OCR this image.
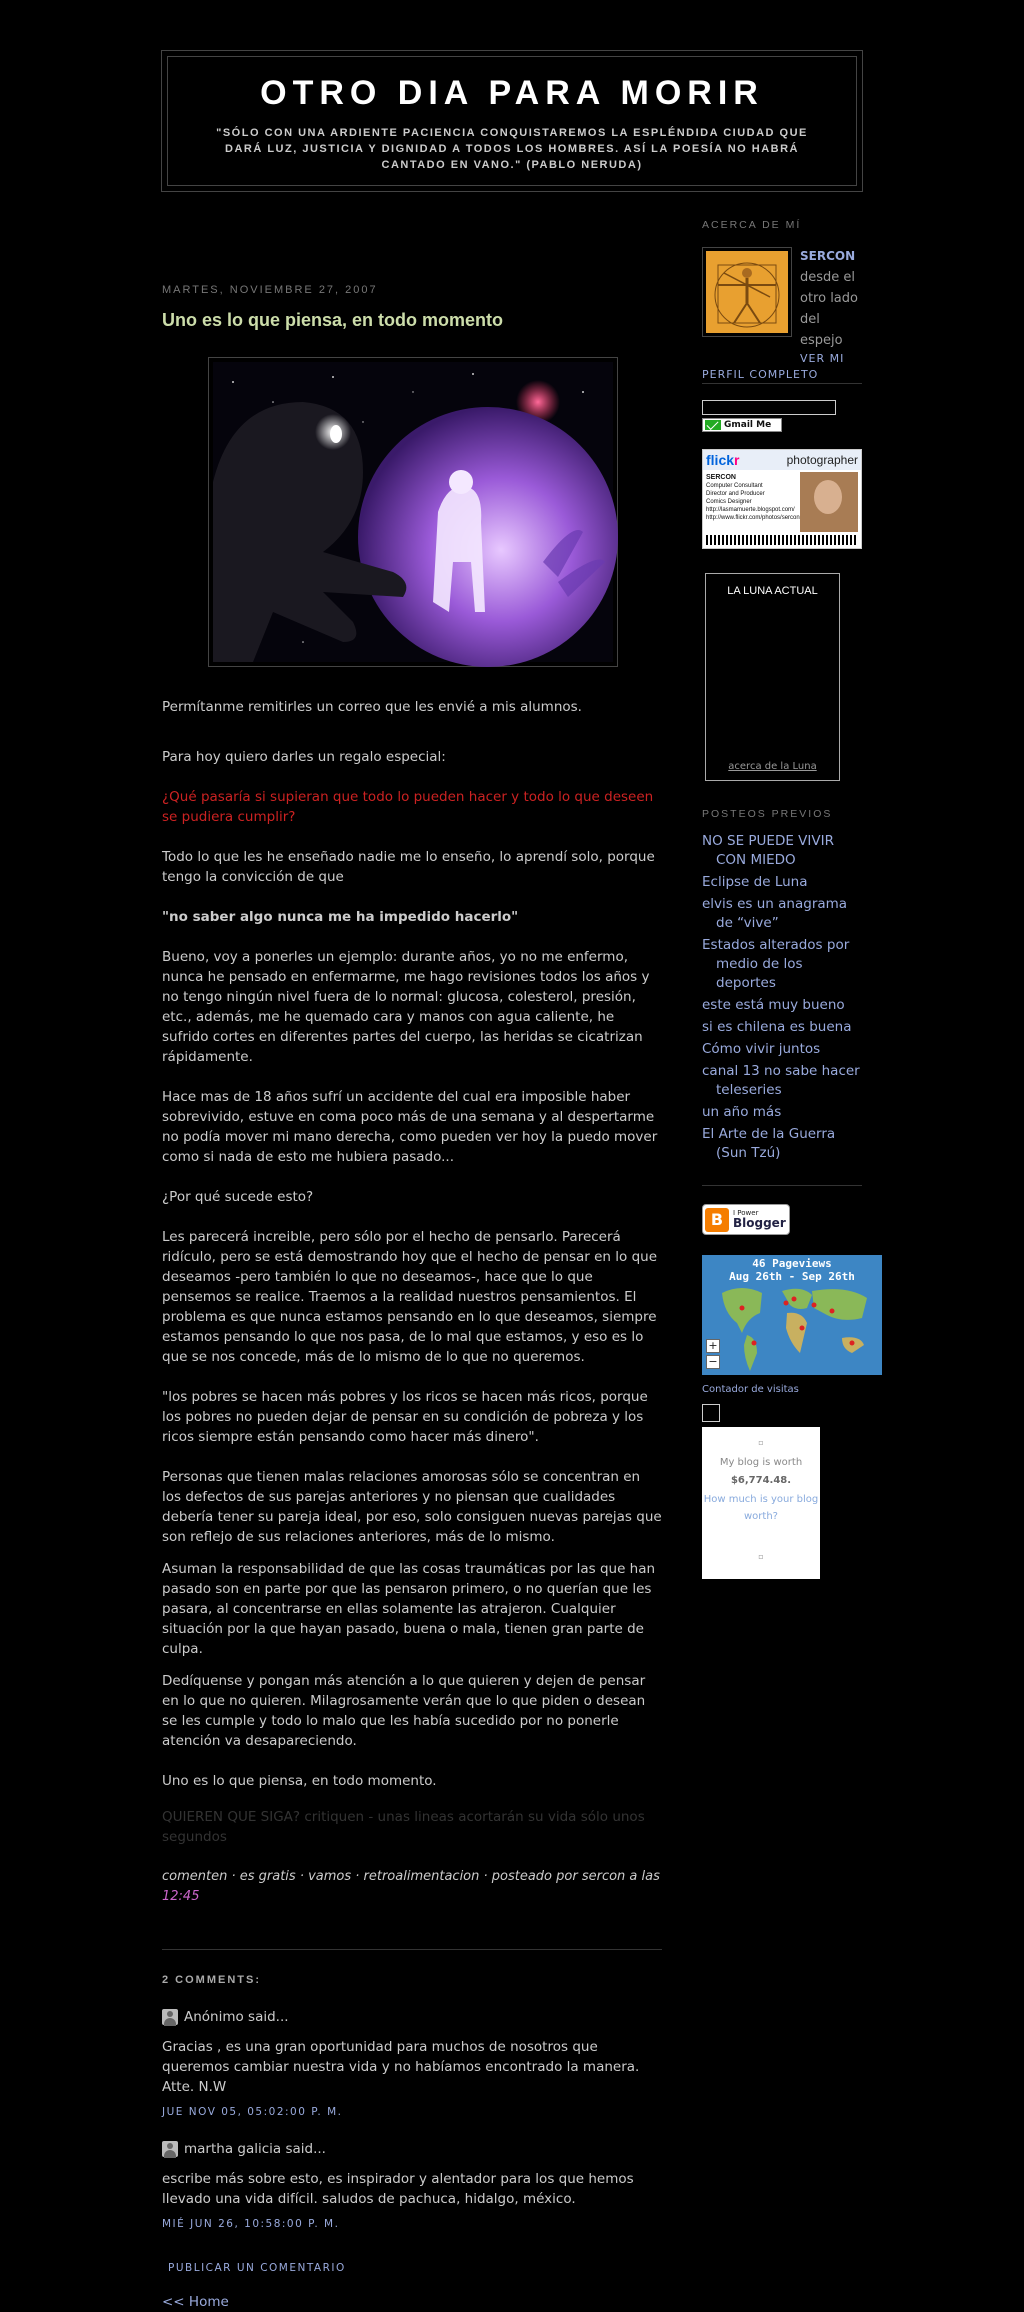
OTRO DIA PARA MORIR

"SÓLO CON UNA ARDIENTE PACIENCIA CONQUISTAREMOS LA ESPLÉNDIDA CIUDAD QUE DARÁ LUZ, JUSTICIA Y DIGNIDAD A TODOS LOS HOMBRES. ASÍ LA POESÍA NO HABRÁ CANTADO EN VANO." (PABLO NERUDA)

MARTES, NOVIEMBRE 27, 2007
Uno es lo que piensa, en todo momento

Permítanme remitirles un correo que les envié a mis alumnos.

Para hoy quiero darles un regalo especial:

¿Qué pasaría si supieran que todo lo pueden hacer y todo lo que deseen se pudiera cumplir?

Todo lo que les he enseñado nadie me lo enseño, lo aprendí solo, porque tengo la convicción de que

"no saber algo nunca me ha impedido hacerlo"

Bueno, voy a ponerles un ejemplo: durante años, yo no me enfermo, nunca he pensado en enfermarme, me hago revisiones todos los años y no tengo ningún nivel fuera de lo normal: glucosa, colesterol, presión, etc., además, me he quemado cara y manos con agua caliente, he sufrido cortes en diferentes partes del cuerpo, las heridas se cicatrizan rápidamente.

Hace mas de 18 años sufrí un accidente del cual era imposible haber sobrevivido, estuve en coma poco más de una semana y al despertarme no podía mover mi mano derecha, como pueden ver hoy la puedo mover como si nada de esto me hubiera pasado...

¿Por qué sucede esto?

Les parecerá increible, pero sólo por el hecho de pensarlo. Parecerá ridículo, pero se está demostrando hoy que el hecho de pensar en lo que deseamos -pero también lo que no deseamos-, hace que lo que pensemos se realice. Traemos a la realidad nuestros pensamientos. El problema es que nunca estamos pensando en lo que deseamos, siempre estamos pensando lo que nos pasa, de lo mal que estamos, y eso es lo que se nos concede, más de lo mismo de lo que no queremos.

"los pobres se hacen más pobres y los ricos se hacen más ricos, porque los pobres no pueden dejar de pensar en su condición de pobreza y los ricos siempre están pensando como hacer más dinero".

Personas que tienen malas relaciones amorosas sólo se concentran en los defectos de sus parejas anteriores y no piensan que cualidades debería tener su pareja ideal, por eso, solo consiguen nuevas parejas que son reflejo de sus relaciones anteriores, más de lo mismo.

Asuman la responsabilidad de que las cosas traumáticas por las que han pasado son en parte por que las pensaron primero, o no querían que les pasara, al concentrarse en ellas solamente las atrajeron. Cualquier situación por la que hayan pasado, buena o mala, tienen gran parte de culpa.

Dedíquense y pongan más atención a lo que quieren y dejen de pensar en lo que no quieren. Milagrosamente verán que lo que piden o desean se les cumple y todo lo malo que les había sucedido por no ponerle atención va desapareciendo.

Uno es lo que piensa, en todo momento.

QUIEREN QUE SIGA? critiquen - unas lineas acortarán su vida sólo unos segundos

comenten · es gratis · vamos · retroalimentacion · posteado por sercon a las 12:45

2 COMMENTS:
Anónimo said...

Gracias , es una gran oportunidad para muchos de nosotros que queremos cambiar nuestra vida y no habíamos encontrado la manera.
Atte. N.W

JUE NOV 05, 05:02:00 P. M.
martha galicia said...

escribe más sobre esto, es inspirador y alentador para los que hemos llevado una vida difícil. saludos de pachuca, hidalgo, méxico.

MIÉ JUN 26, 10:58:00 P. M.
PUBLICAR UN COMENTARIO
<< Home
ACERCA DE MÍ
SERCON
desde el otro lado del espejo
VER MI PERFIL COMPLETO
Gmail Me
flickr	photographer
SERCON
Computer Consultant
Director and Producer
Comics Designer
http://lasmamuerte.blogspot.com/
http://www.flickr.com/photos/sercon
LA LUNA ACTUAL
acerca de la Luna
POSTEOS PREVIOS
NO SE PUEDE VIVIR CON MIEDO
Eclipse de Luna
elvis es un anagrama de “vive”
Estados alterados por medio de los deportes
este está muy bueno
si es chilena es buena
Cómo vivir juntos
canal 13 no sabe hacer teleseries
un año más
El Arte de la Guerra (Sun Tzú)
B	I Power
Blogger
46 Pageviews
Aug 26th - Sep 26th
+
−
Contador de visitas
▫
My blog is worth
$6,774.48.
How much is your blog worth?
▫
